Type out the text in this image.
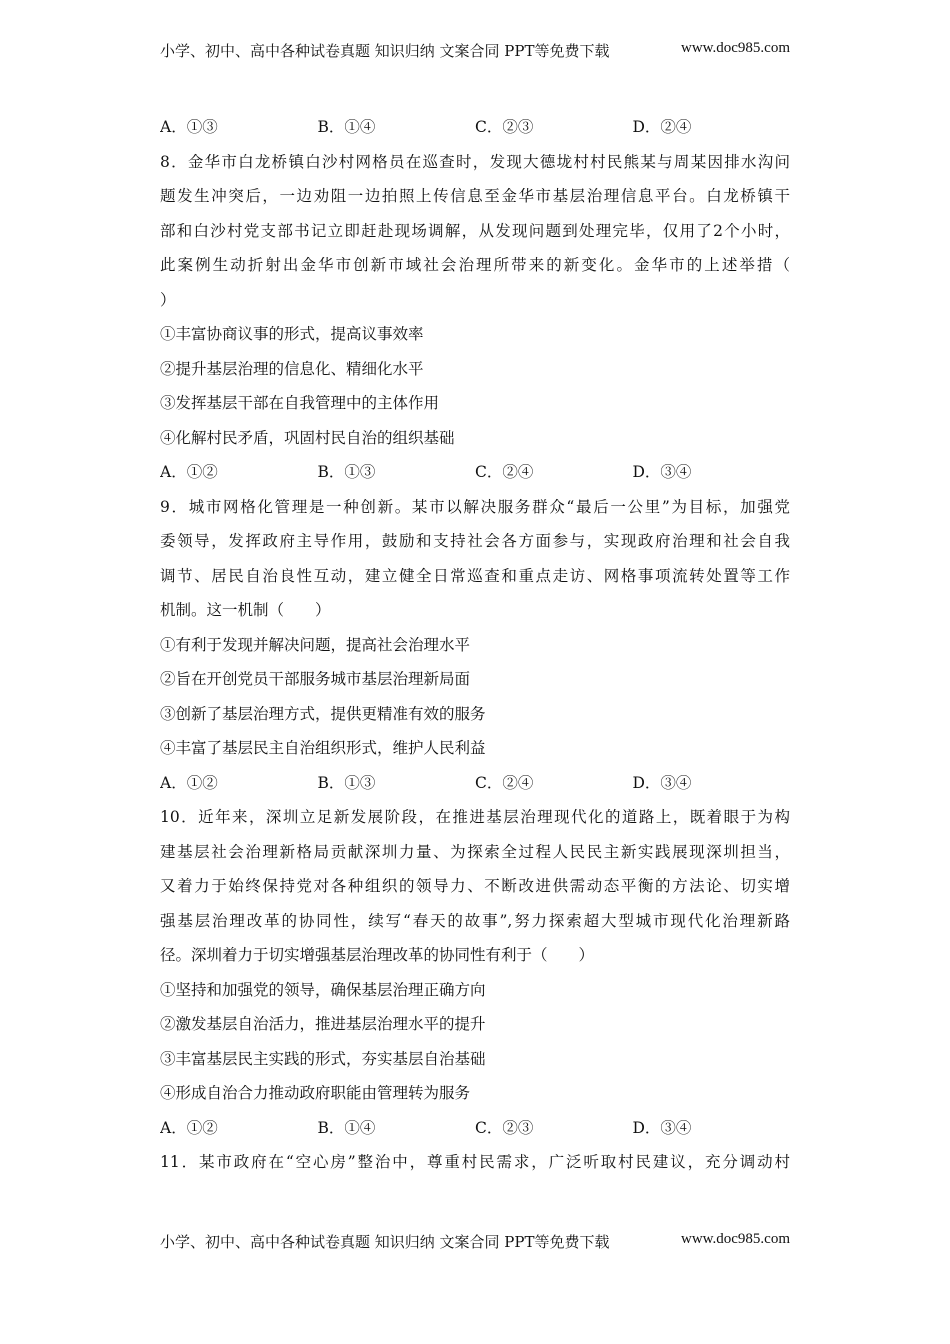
小学、初中、高中各种试卷真题 知识归纳 文案合同 PPT等免费下载	www.doc985.com
A．①③	B．①④	C．②③	D．②④
8．金华市白龙桥镇白沙村网格员在巡查时，发现大德垅村村民熊某与周某因排水沟问
题发生冲突后，一边劝阻一边拍照上传信息至金华市基层治理信息平台。白龙桥镇干
部和白沙村党支部书记立即赶赴现场调解，从发现问题到处理完毕，仅用了2个小时，
此案例生动折射出金华市创新市域社会治理所带来的新变化。金华市的上述举措（
）
①丰富协商议事的形式，提高议事效率
②提升基层治理的信息化、精细化水平
③发挥基层干部在自我管理中的主体作用
④化解村民矛盾，巩固村民自治的组织基础
A．①②	B．①③	C．②④	D．③④
9．城市网格化管理是一种创新。某市以解决服务群众“最后一公里”为目标，加强党
委领导，发挥政府主导作用，鼓励和支持社会各方面参与，实现政府治理和社会自我
调节、居民自治良性互动，建立健全日常巡查和重点走访、网格事项流转处置等工作
机制。这一机制（　　）
①有利于发现并解决问题，提高社会治理水平
②旨在开创党员干部服务城市基层治理新局面
③创新了基层治理方式，提供更精准有效的服务
④丰富了基层民主自治组织形式，维护人民利益
A．①②	B．①③	C．②④	D．③④
10．近年来，深圳立足新发展阶段，在推进基层治理现代化的道路上，既着眼于为构
建基层社会治理新格局贡献深圳力量、为探索全过程人民民主新实践展现深圳担当，
又着力于始终保持党对各种组织的领导力、不断改进供需动态平衡的方法论、切实增
强基层治理改革的协同性，续写“春天的故事”,努力探索超大型城市现代化治理新路
径。深圳着力于切实增强基层治理改革的协同性有利于（　　）
①坚持和加强党的领导，确保基层治理正确方向
②激发基层自治活力，推进基层治理水平的提升
③丰富基层民主实践的形式，夯实基层自治基础
④形成自治合力推动政府职能由管理转为服务
A．①②	B．①④	C．②③	D．③④
11．某市政府在“空心房”整治中，尊重村民需求，广泛听取村民建议，充分调动村
小学、初中、高中各种试卷真题 知识归纳 文案合同 PPT等免费下载	www.doc985.com
